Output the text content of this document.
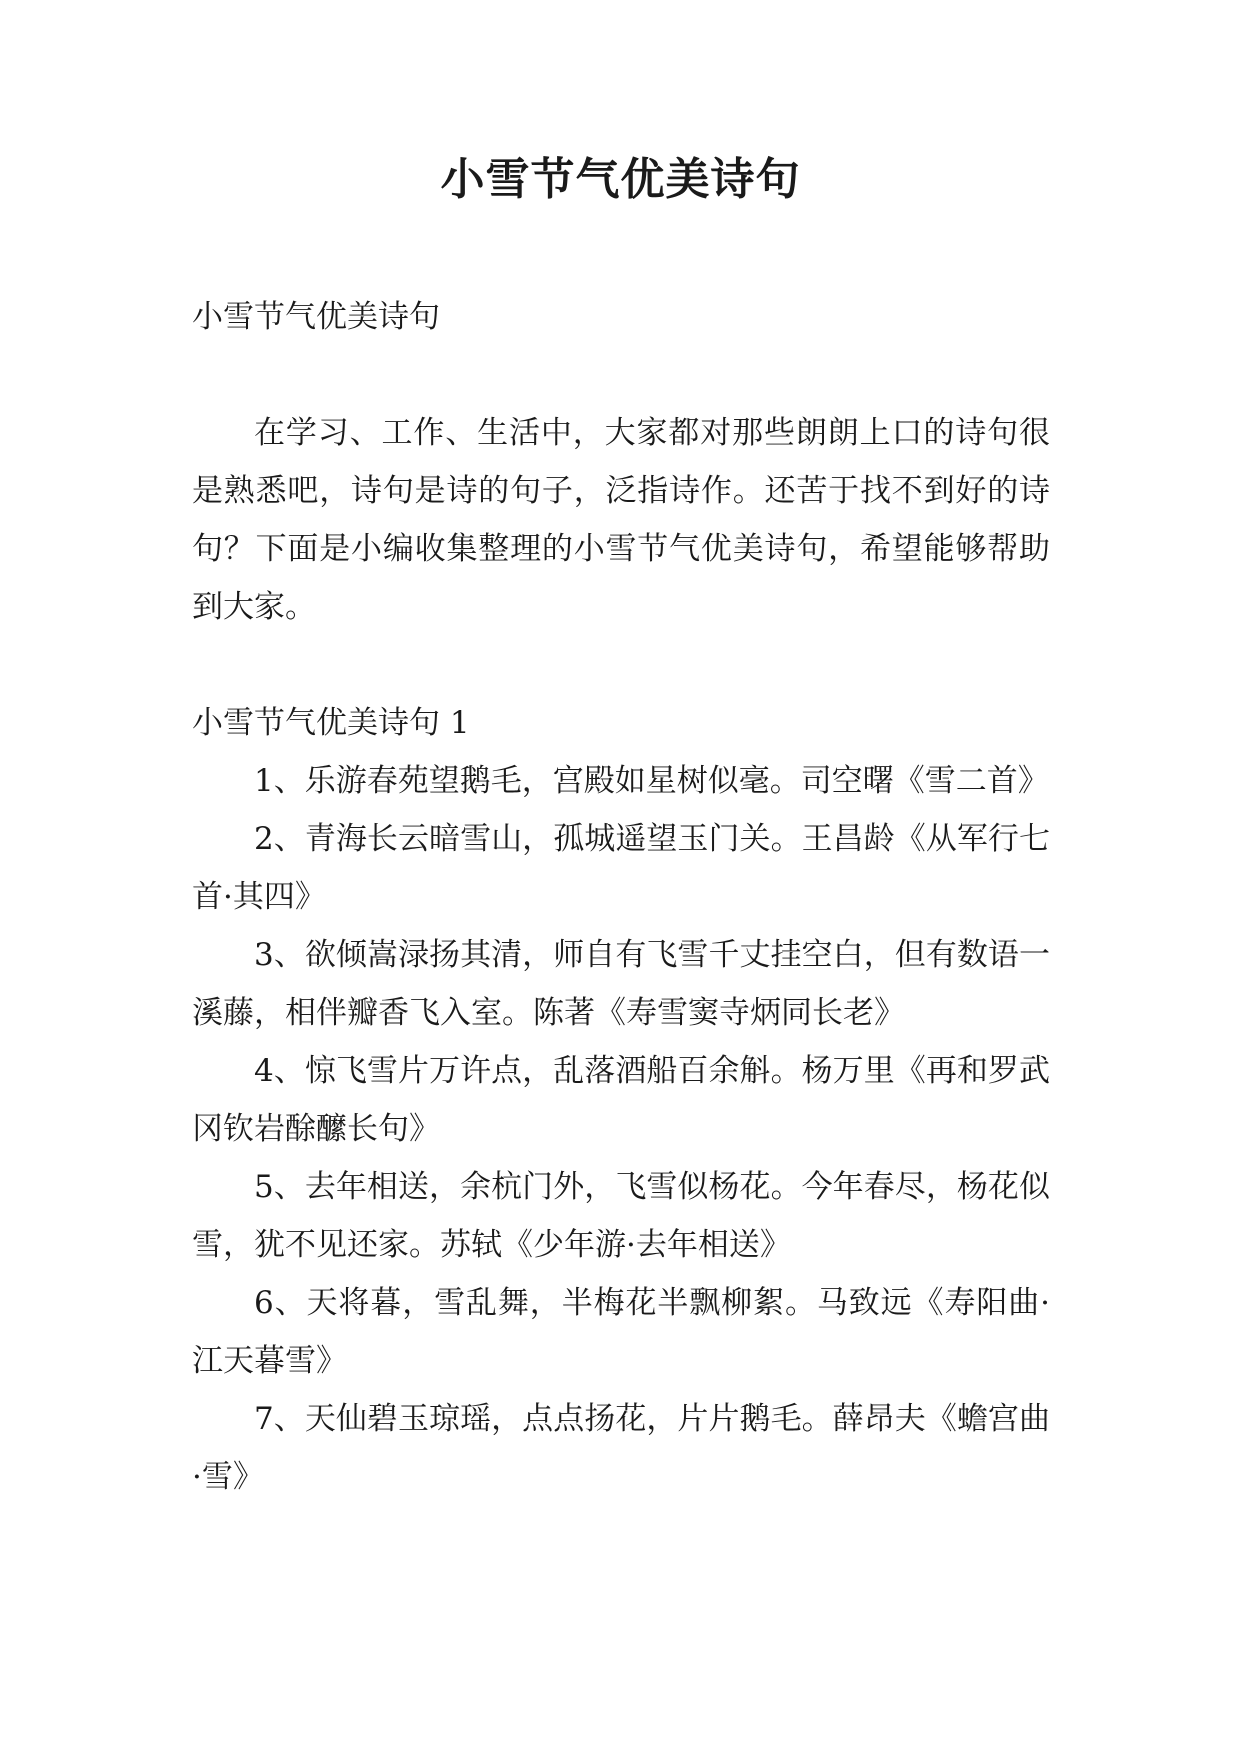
小雪节气优美诗句

小雪节气优美诗句

在学习、工作、生活中，大家都对那些朗朗上口的诗句很是熟悉吧，诗句是诗的句子，泛指诗作。还苦于找不到好的诗句？下面是小编收集整理的小雪节气优美诗句，希望能够帮助到大家。

小雪节气优美诗句 1

1、乐游春苑望鹅毛，宫殿如星树似毫。司空曙《雪二首》
2、青海长云暗雪山，孤城遥望玉门关。王昌龄《从军行七首·其四》
3、欲倾嵩渌扬其清，师自有飞雪千丈挂空白，但有数语一溪藤，相伴瓣香飞入室。陈著《寿雪窦寺炳同长老》
4、惊飞雪片万许点，乱落酒船百余斛。杨万里《再和罗武冈钦岩酴醿长句》
5、去年相送，余杭门外，飞雪似杨花。今年春尽，杨花似雪，犹不见还家。苏轼《少年游·去年相送》
6、天将暮，雪乱舞，半梅花半飘柳絮。马致远《寿阳曲·江天暮雪》
7、天仙碧玉琼瑶，点点扬花，片片鹅毛。薛昂夫《蟾宫曲·雪》
